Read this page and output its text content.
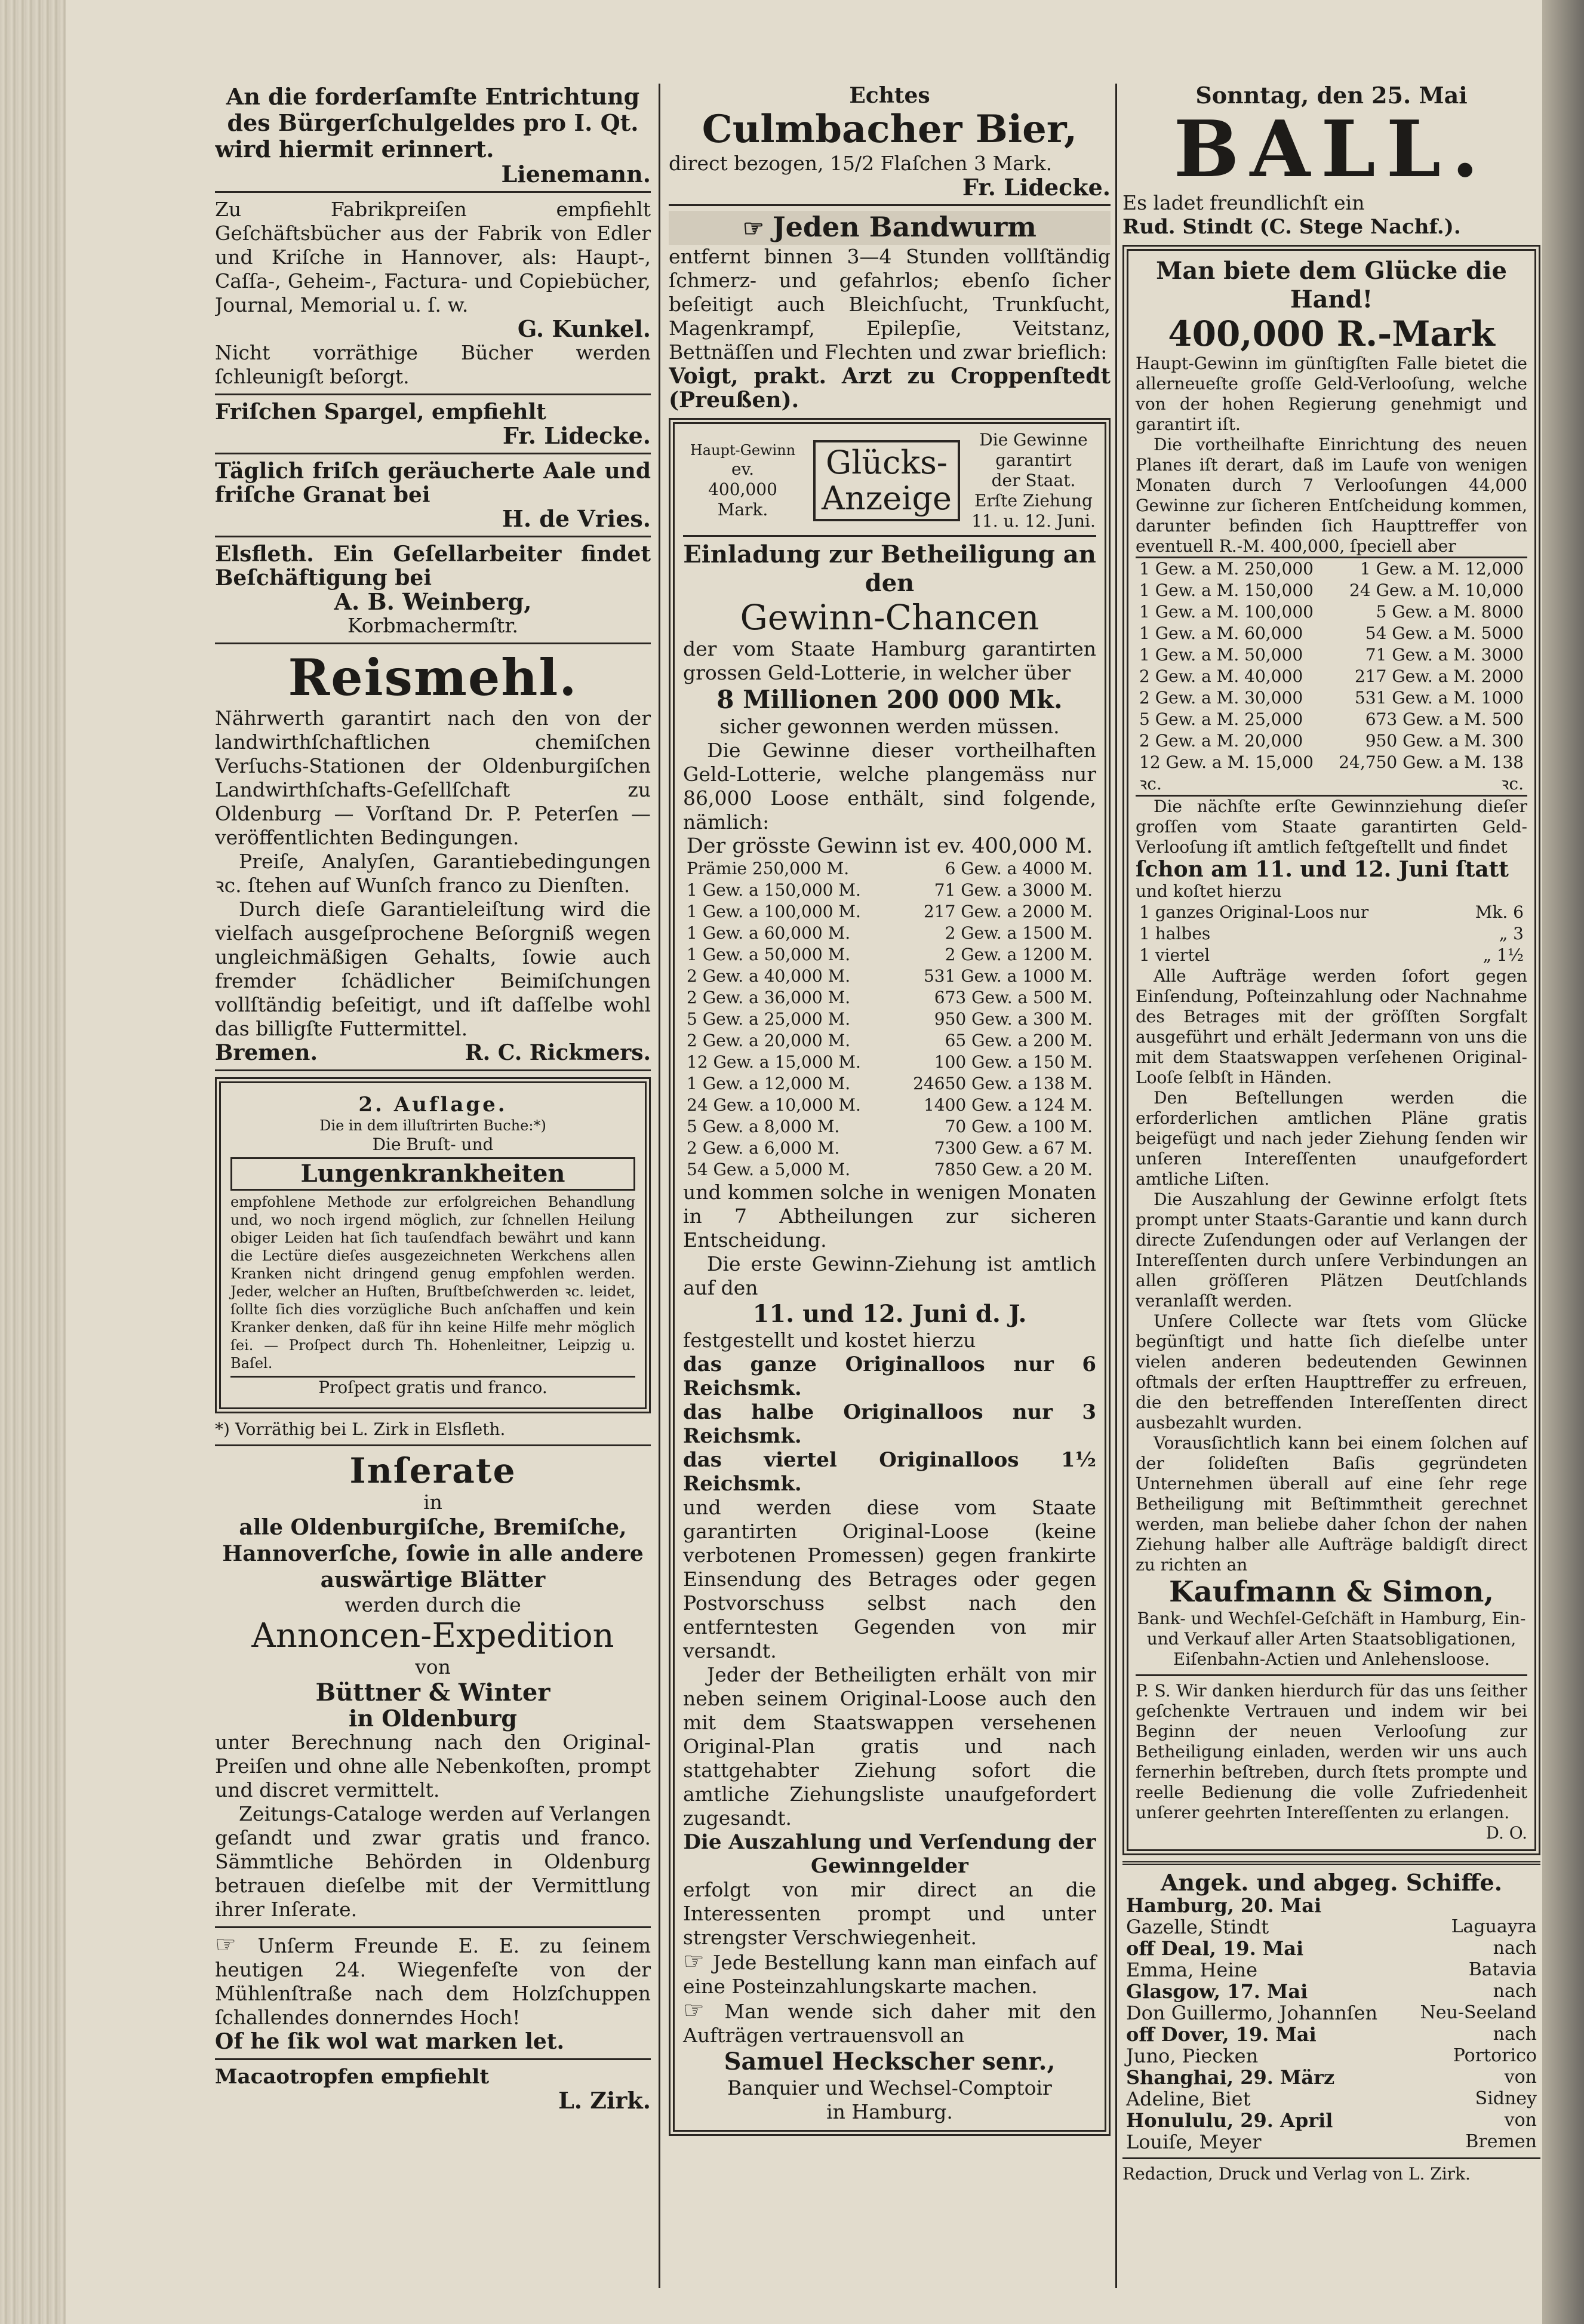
An die forderſamſte Entrichtung

des Bürgerſchulgeldes pro I. Qt.

wird hiermit erinnert.

Lienemann.

Zu Fabrikpreiſen empfiehlt Geſchäftsbücher aus der Fabrik von Edler und Kriſche in Hannover, als: Haupt-, Caſſa-, Geheim-, Factura- und Copiebücher, Journal, Memorial u. ſ. w.

G. Kunkel.

Nicht vorräthige Bücher werden ſchleunigſt beſorgt.

Friſchen Spargel, empfiehlt

Fr. Lidecke.

Täglich friſch geräucherte Aale und friſche Granat bei

H. de Vries.

Elsfleth. Ein Geſellarbeiter findet Beſchäftigung bei

A. B. Weinberg,

Korbmachermſtr.

Reismehl.

Nährwerth garantirt nach den von der landwirthſchaftlichen chemiſchen Verſuchs-Stationen der Oldenburgiſchen Landwirthſchafts-Geſellſchaft zu Oldenburg — Vorſtand Dr. P. Peterſen — veröffentlichten Bedingungen.

Preiſe, Analyſen, Garantiebedingungen ꝛc. ſtehen auf Wunſch franco zu Dienſten.

Durch dieſe Garantieleiſtung wird die vielfach ausgeſprochene Beſorgniß wegen ungleichmäßigen Gehalts, ſowie auch fremder ſchädlicher Beimiſchungen vollſtändig beſeitigt, und iſt daſſelbe wohl das billigſte Futtermittel.

Bremen.	R. C. Rickmers.

2. Auflage.

Die in dem illuſtrirten Buche:*)

Die Bruſt- und

Lungenkrankheiten

empfohlene Methode zur erfolgreichen Behandlung und, wo noch irgend möglich, zur ſchnellen Heilung obiger Leiden hat ſich tauſendfach bewährt und kann die Lectüre dieſes ausgezeichneten Werkchens allen Kranken nicht dringend genug empfohlen werden. Jeder, welcher an Huſten, Bruſtbeſchwerden ꝛc. leidet, ſollte ſich dies vorzügliche Buch anſchaffen und kein Kranker denken, daß für ihn keine Hilfe mehr möglich ſei. — Proſpect durch Th. Hohenleitner, Leipzig u. Baſel.

Proſpect gratis und franco.

*) Vorräthig bei L. Zirk in Elsfleth.

Inſerate

in

alle Oldenburgiſche, Bremiſche, Hannoverſche, ſowie in alle andere auswärtige Blätter

werden durch die

Annoncen-Expedition

von

Büttner & Winter

in Oldenburg

unter Berechnung nach den Original-Preiſen und ohne alle Nebenkoſten, prompt und discret vermittelt.

Zeitungs-Cataloge werden auf Verlangen geſandt und zwar gratis und franco. Sämmtliche Behörden in Oldenburg betrauen dieſelbe mit der Vermittlung ihrer Inſerate.

☞ Unſerm Freunde E. E. zu ſeinem heutigen 24. Wiegenfeſte von der Mühlenſtraße nach dem Holzſchuppen ſchallendes donnerndes Hoch!

Of he ſik wol wat marken let.

Macaotropfen empfiehlt

L. Zirk.

Echtes

Culmbacher Bier,

direct bezogen, 15/2 Flaſchen 3 Mark.

Fr. Lidecke.

☞ Jeden Bandwurm

entfernt binnen 3—4 Stunden vollſtändig ſchmerz- und gefahrlos; ebenſo ſicher beſeitigt auch Bleichſucht, Trunkſucht, Magenkrampf, Epilepſie, Veitstanz, Bettnäſſen und Flechten und zwar brieflich:

Voigt, prakt. Arzt zu Croppenſtedt (Preußen).

Haupt-Gewinn

ev.

400,000 Mark.

Glücks-

Anzeige

Die Gewinne

garantirt

der Staat.

Erſte Ziehung

11. u. 12. Juni.

Einladung zur Betheiligung an den

Gewinn-Chancen

der vom Staate Hamburg garantirten grossen Geld-Lotterie, in welcher über

8 Millionen 200 000 Mk.

sicher gewonnen werden müssen.

Die Gewinne dieser vortheilhaften Geld-Lotterie, welche plangemäss nur 86,000 Loose enthält, sind folgende, nämlich:

Der grösste Gewinn ist ev. 400,000 M.

Prämie 250,000 M.	6 Gew. a 4000 M.
1 Gew. a 150,000 M.	71 Gew. a 3000 M.
1 Gew. a 100,000 M.	217 Gew. a 2000 M.
1 Gew. a 60,000 M.	2 Gew. a 1500 M.
1 Gew. a 50,000 M.	2 Gew. a 1200 M.
2 Gew. a 40,000 M.	531 Gew. a 1000 M.
2 Gew. a 36,000 M.	673 Gew. a 500 M.
5 Gew. a 25,000 M.	950 Gew. a 300 M.
2 Gew. a 20,000 M.	65 Gew. a 200 M.
12 Gew. a 15,000 M.	100 Gew. a 150 M.
1 Gew. a 12,000 M.	24650 Gew. a 138 M.
24 Gew. a 10,000 M.	1400 Gew. a 124 M.
5 Gew. a 8,000 M.	70 Gew. a 100 M.
2 Gew. a 6,000 M.	7300 Gew. a 67 M.
54 Gew. a 5,000 M.	7850 Gew. a 20 M.

und kommen solche in wenigen Monaten in 7 Abtheilungen zur sicheren Entscheidung.

Die erste Gewinn-Ziehung ist amtlich auf den

11. und 12. Juni d. J.

festgestellt und kostet hierzu

das ganze Originalloos nur 6 Reichsmk.

das halbe Originalloos nur 3 Reichsmk.

das viertel Originalloos 1½ Reichsmk.

und werden diese vom Staate garantirten Original-Loose (keine verbotenen Promessen) gegen frankirte Einsendung des Betrages oder gegen Postvorschuss selbst nach den entferntesten Gegenden von mir versandt.

Jeder der Betheiligten erhält von mir neben seinem Original-Loose auch den mit dem Staatswappen versehenen Original-Plan gratis und nach stattgehabter Ziehung sofort die amtliche Ziehungsliste unaufgefordert zugesandt.

Die Auszahlung und Verſendung der Gewinngelder

erfolgt von mir direct an die Interessenten prompt und unter strengster Verschwiegenheit.

☞ Jede Bestellung kann man einfach auf eine Posteinzahlungskarte machen.

☞ Man wende sich daher mit den Aufträgen vertrauensvoll an

Samuel Heckscher senr.,

Banquier und Wechsel-Comptoir

in Hamburg.

Sonntag, den 25. Mai

BALL.

Es ladet freundlichſt ein

Rud. Stindt (C. Stege Nachf.).

Man biete dem Glücke die Hand!

400,000 R.-Mark

Haupt-Gewinn im günſtigſten Falle bietet die allerneueſte groſſe Geld-Verlooſung, welche von der hohen Regierung genehmigt und garantirt iſt.

Die vortheilhafte Einrichtung des neuen Planes iſt derart, daß im Laufe von wenigen Monaten durch 7 Verlooſungen 44,000 Gewinne zur ſicheren Entſcheidung kommen, darunter befinden ſich Haupttreffer von eventuell R.-M. 400,000, ſpeciell aber

1 Gew. a M. 250,000	1 Gew. a M. 12,000
1 Gew. a M. 150,000	24 Gew. a M. 10,000
1 Gew. a M. 100,000	5 Gew. a M. 8000
1 Gew. a M. 60,000	54 Gew. a M. 5000
1 Gew. a M. 50,000	71 Gew. a M. 3000
2 Gew. a M. 40,000	217 Gew. a M. 2000
2 Gew. a M. 30,000	531 Gew. a M. 1000
5 Gew. a M. 25,000	673 Gew. a M. 500
2 Gew. a M. 20,000	950 Gew. a M. 300
12 Gew. a M. 15,000	24,750 Gew. a M. 138
ꝛc.	ꝛc.

Die nächſte erſte Gewinnziehung dieſer groſſen vom Staate garantirten Geld-Verlooſung iſt amtlich feſtgeſtellt und findet

ſchon am 11. und 12. Juni ſtatt

und koſtet hierzu

1 ganzes Original-Loos nur	Mk. 6
1 halbes	„ 3
1 viertel	„ 1½

Alle Aufträge werden ſofort gegen Einſendung, Poſteinzahlung oder Nachnahme des Betrages mit der gröſſten Sorgfalt ausgeführt und erhält Jedermann von uns die mit dem Staatswappen verſehenen Original-Looſe ſelbſt in Händen.

Den Beſtellungen werden die erforderlichen amtlichen Pläne gratis beigefügt und nach jeder Ziehung ſenden wir unſeren Intereſſenten unaufgefordert amtliche Liſten.

Die Auszahlung der Gewinne erfolgt ſtets prompt unter Staats-Garantie und kann durch directe Zuſendungen oder auf Verlangen der Intereſſenten durch unſere Verbindungen an allen gröſſeren Plätzen Deutſchlands veranlaſſt werden.

Unſere Collecte war ſtets vom Glücke begünſtigt und hatte ſich dieſelbe unter vielen anderen bedeutenden Gewinnen oftmals der erſten Haupttreffer zu erfreuen, die den betreffenden Intereſſenten direct ausbezahlt wurden.

Vorausſichtlich kann bei einem ſolchen auf der ſolideſten Baſis gegründeten Unternehmen überall auf eine ſehr rege Betheiligung mit Beſtimmtheit gerechnet werden, man beliebe daher ſchon der nahen Ziehung halber alle Aufträge baldigſt direct zu richten an

Kaufmann & Simon,

Bank- und Wechſel-Geſchäft in Hamburg, Ein- und Verkauf aller Arten Staatsobligationen, Eiſenbahn-Actien und Anlehensloose.

P. S. Wir danken hierdurch für das uns ſeither geſchenkte Vertrauen und indem wir bei Beginn der neuen Verlooſung zur Betheiligung einladen, werden wir uns auch fernerhin beſtreben, durch ſtets prompte und reelle Bedienung die volle Zufriedenheit unſerer geehrten Intereſſenten zu erlangen.

D. O.

Angek. und abgeg. Schiffe.

Hamburg, 20. Mai	
Gazelle, Stindt	Laguayra
off Deal, 19. Mai	nach
Emma, Heine	Batavia
Glasgow, 17. Mai	nach
Don Guillermo, Johannſen	Neu-Seeland
off Dover, 19. Mai	nach
Juno, Piecken	Portorico
Shanghai, 29. März	von
Adeline, Biet	Sidney
Honululu, 29. April	von
Louiſe, Meyer	Bremen

Redaction, Druck und Verlag von L. Zirk.
